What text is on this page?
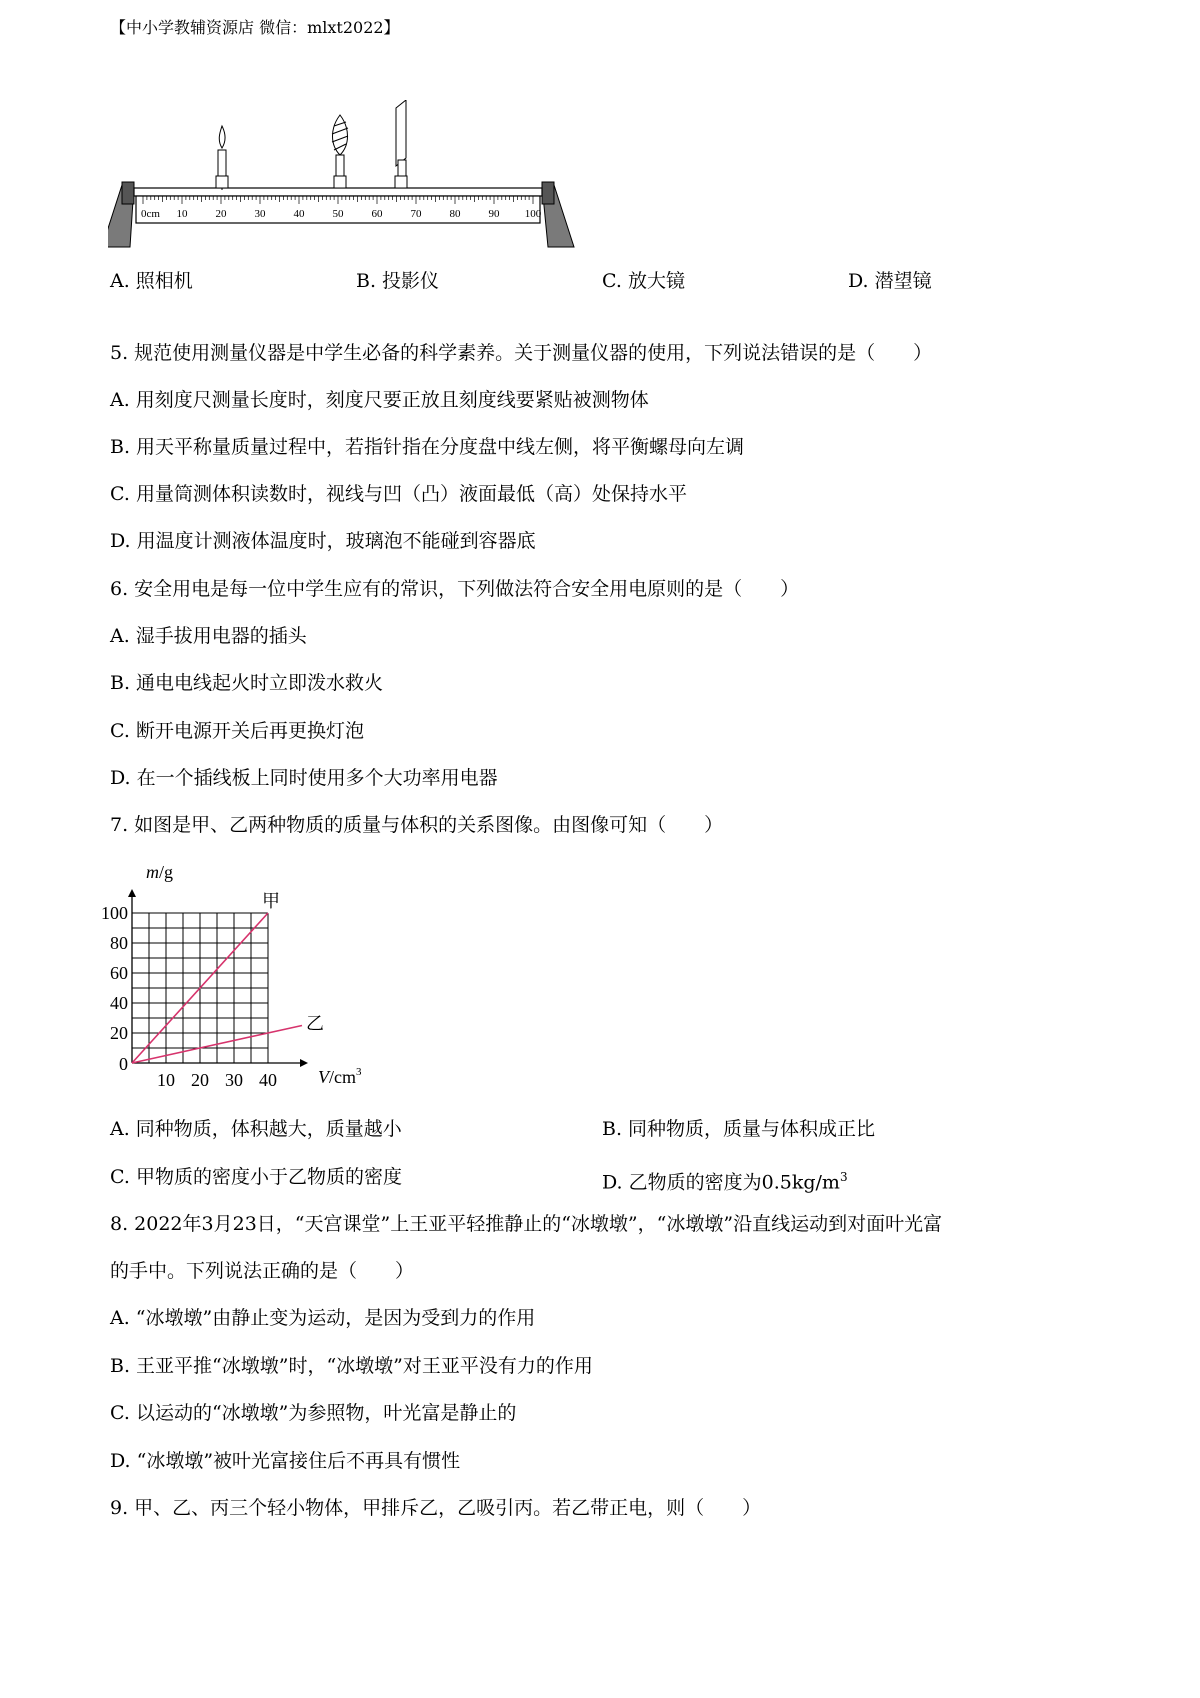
【中小学教辅资源店 微信：mlxt2022】
0cm 10	20	30	40	50	60	70	80	90 100
A. 照相机	B. 投影仪	C. 放大镜	D. 潜望镜
5. 规范使用测量仪器是中学生必备的科学素养。关于测量仪器的使用，下列说法错误的是（　　）
A. 用刻度尺测量长度时，刻度尺要正放且刻度线要紧贴被测物体
B. 用天平称量质量过程中，若指针指在分度盘中线左侧，将平衡螺母向左调
C. 用量筒测体积读数时，视线与凹（凸）液面最低（高）处保持水平
D. 用温度计测液体温度时，玻璃泡不能碰到容器底
6. 安全用电是每一位中学生应有的常识，下列做法符合安全用电原则的是（　　）
A. 湿手拔用电器的插头
B. 通电电线起火时立即泼水救火
C. 断开电源开关后再更换灯泡
D. 在一个插线板上同时使用多个大功率用电器
7. 如图是甲、乙两种物质的质量与体积的关系图像。由图像可知（　　）
20
40
60
80
100
10 20 30 40
甲
乙
0
m/g
$V/cm^3$
A. 同种物质，体积越大，质量越小	B. 同种物质，质量与体积成正比
C. 甲物质的密度小于乙物质的密度	D. 乙物质的密度为$0.5kg/m^3$
8. 2022年3月23日，“天宫课堂”上王亚平轻推静止的“冰墩墩”，“冰墩墩”沿直线运动到对面叶光富
的手中。下列说法正确的是（　　）
A. “冰墩墩”由静止变为运动，是因为受到力的作用
B. 王亚平推“冰墩墩”时，“冰墩墩”对王亚平没有力的作用
C. 以运动的“冰墩墩”为参照物，叶光富是静止的
D. “冰墩墩”被叶光富接住后不再具有惯性
9. 甲、乙、丙三个轻小物体，甲排斥乙，乙吸引丙。若乙带正电，则（　　）
